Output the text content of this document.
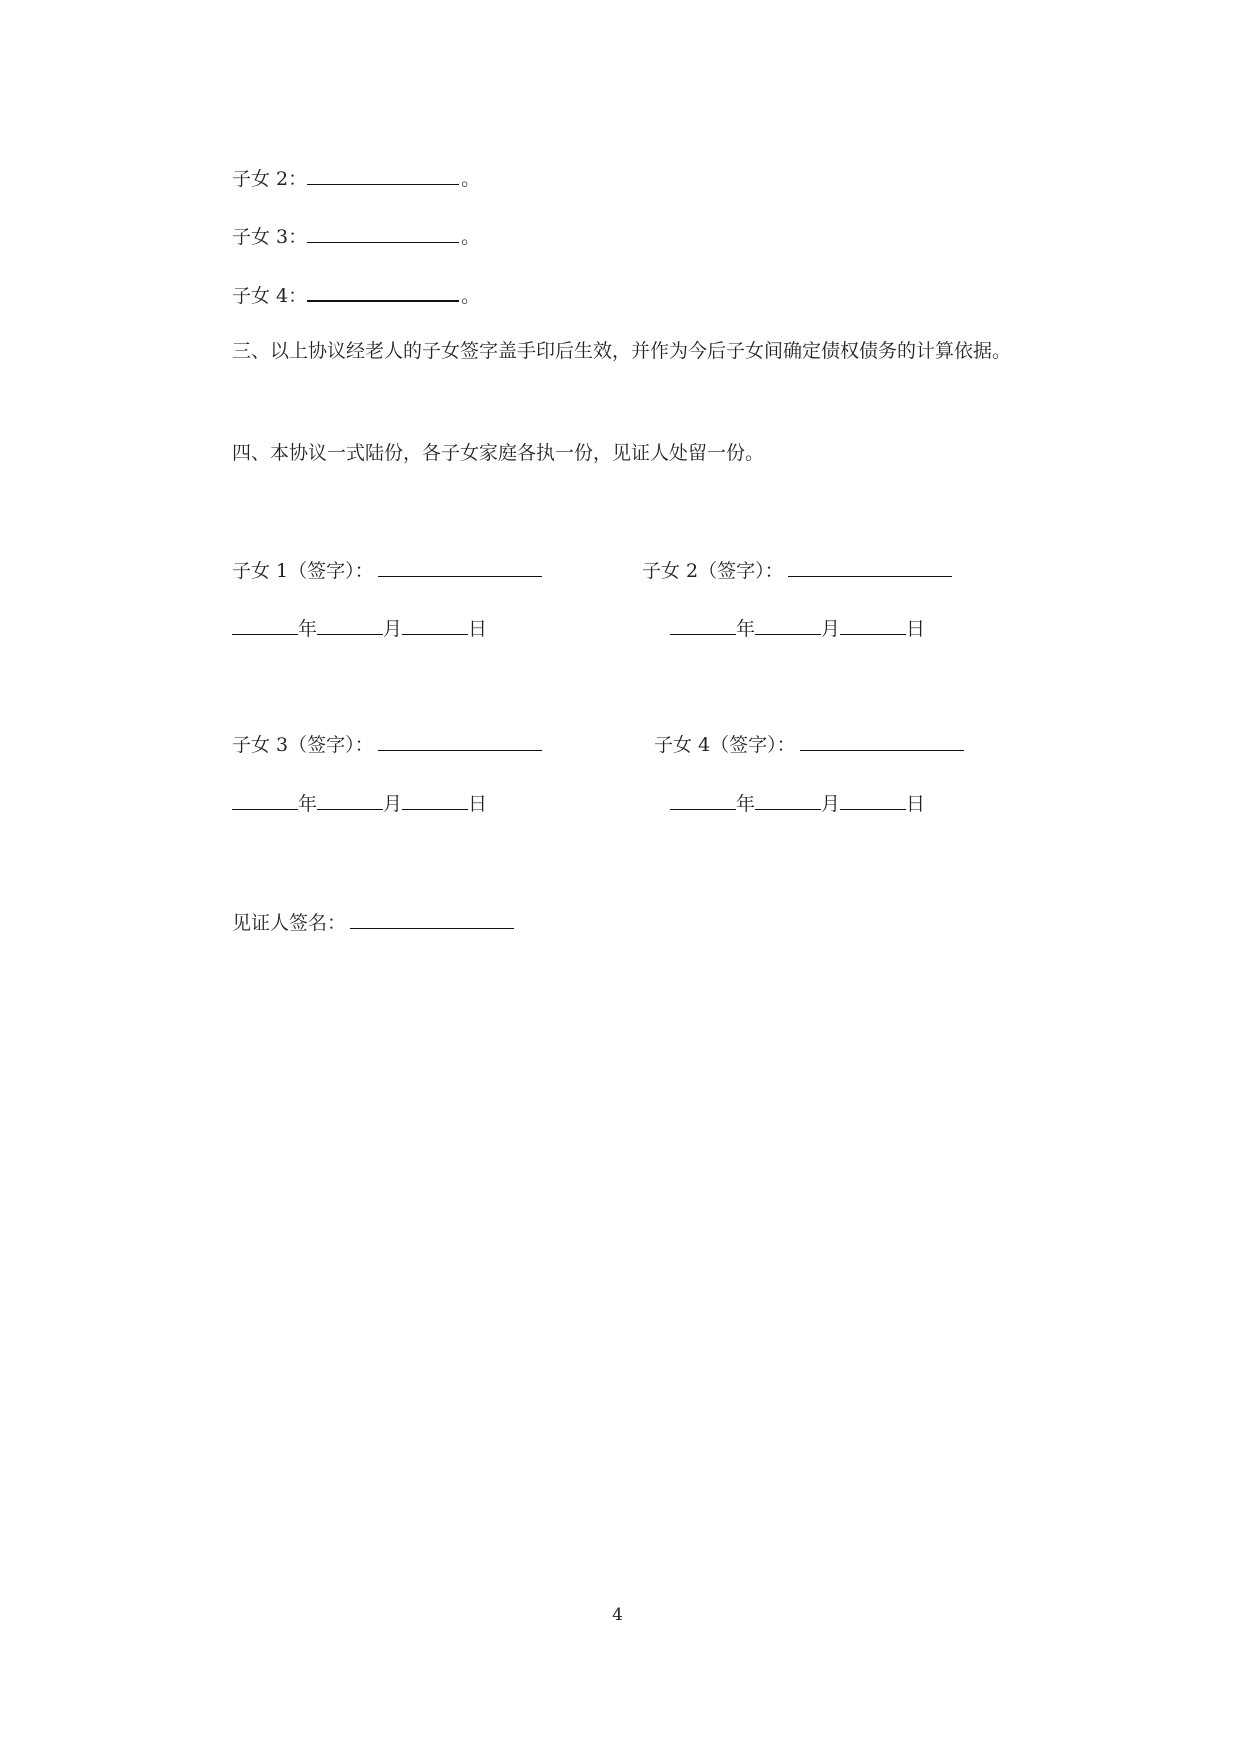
子女 2：	。
子女 3：	。
子女 4：	。
三、以上协议经老人的子女签字盖手印后生效，并作为今后子女间确定债权债务的计算依据。
四、本协议一式陆份，各子女家庭各执一份，见证人处留一份。
子女 1（签字）：	子女 2（签字）：
年	月	日	年	月	日
子女 3（签字）：	子女 4（签字）：
年	月	日	年	月	日
见证人签名：
4
